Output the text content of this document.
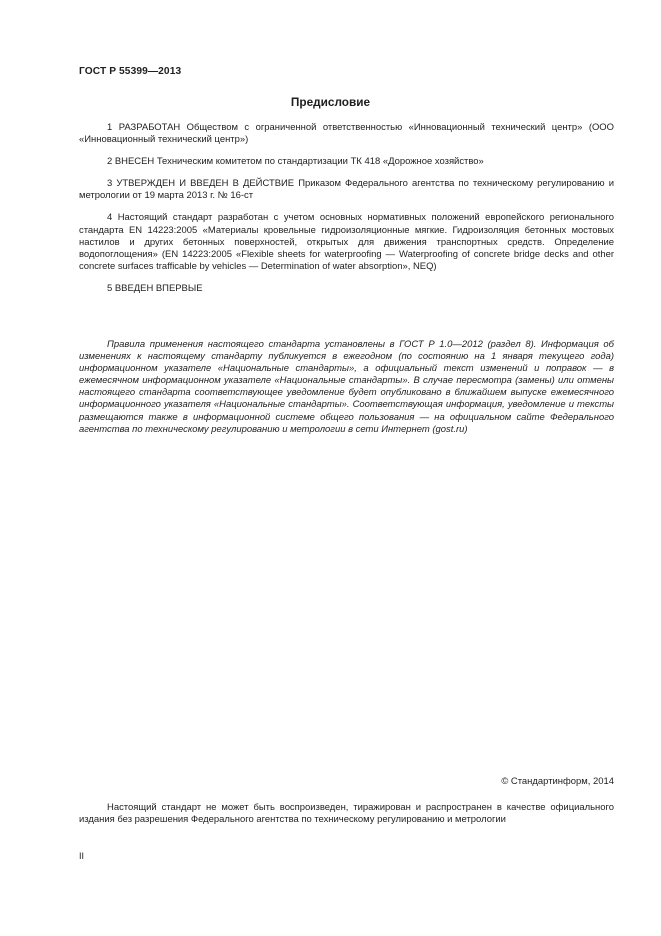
ГОСТ Р 55399—2013
Предисловие

1 РАЗРАБОТАН Обществом с ограниченной ответственностью «Инновационный технический центр» (ООО «Инновационный технический центр»)

2 ВНЕСЕН Техническим комитетом по стандартизации ТК 418 «Дорожное хозяйство»

3 УТВЕРЖДЕН И ВВЕДЕН В ДЕЙСТВИЕ Приказом Федерального агентства по техническому регулированию и метрологии от 19 марта 2013 г. № 16-ст

4 Настоящий стандарт разработан с учетом основных нормативных положений европейского регионального стандарта EN 14223:2005 «Материалы кровельные гидроизоляционные мягкие. Гидроизоляция бетонных мостовых настилов и других бетонных поверхностей, открытых для движения транспортных средств. Определение водопоглощения» (EN 14223:2005 «Flexible sheets for waterproofing — Waterproofing of concrete bridge decks and other concrete surfaces trafficable by vehicles — Determination of water absorption», NEQ)

5 ВВЕДЕН ВПЕРВЫЕ

Правила применения настоящего стандарта установлены в ГОСТ Р 1.0—2012 (раздел 8). Информация об изменениях к настоящему стандарту публикуется в ежегодном (по состоянию на 1 января текущего года) информационном указателе «Национальные стандарты», а официальный текст изменений и поправок — в ежемесячном информационном указателе «Национальные стандарты». В случае пересмотра (замены) или отмены настоящего стандарта соответствующее уведомление будет опубликовано в ближайшем выпуске ежемесячного информационного указателя «Национальные стандарты». Соответствующая информация, уведомление и тексты размещаются также в информационной системе общего пользования — на официальном сайте Федерального агентства по техническому регулированию и метрологии в сети Интернет (gost.ru)
© Стандартинформ, 2014
Настоящий стандарт не может быть воспроизведен, тиражирован и распространен в качестве официального издания без разрешения Федерального агентства по техническому регулированию и метрологии
II
